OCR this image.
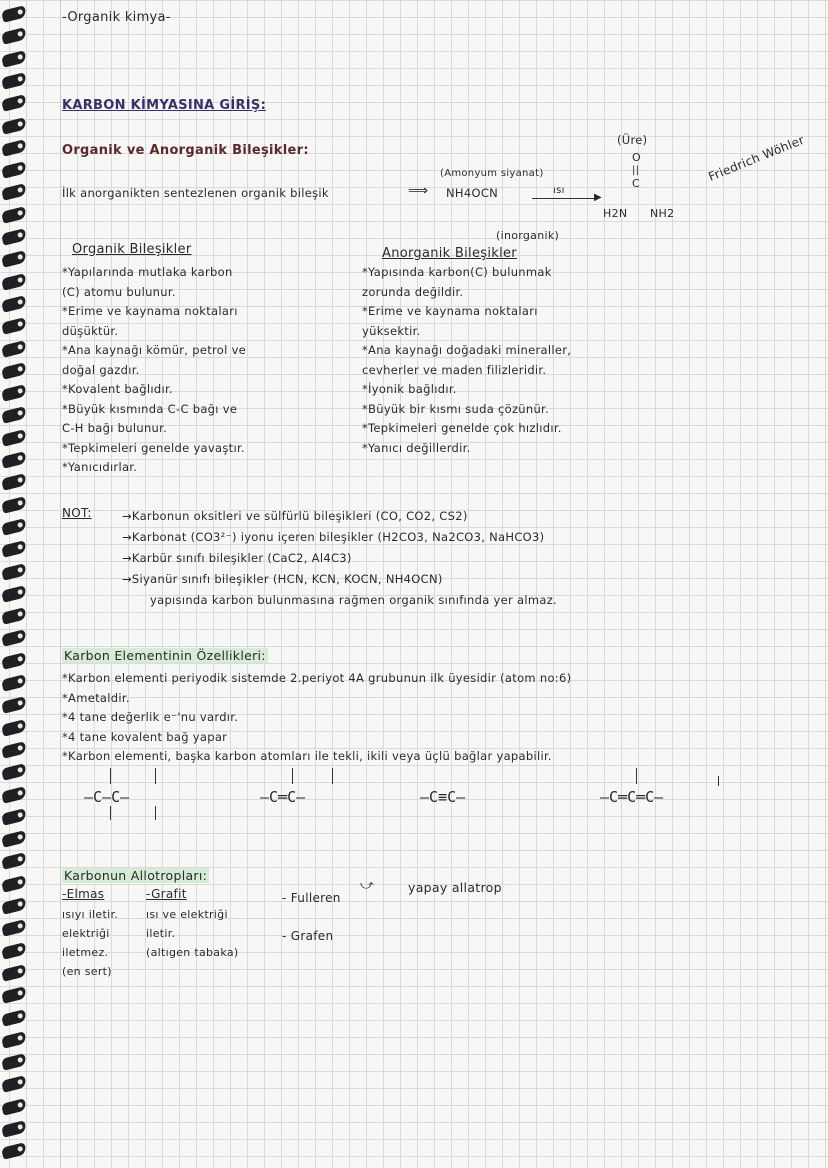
-Organik kimya-
KARBON KİMYASINA GİRİŞ:
Organik ve Anorganik Bileşikler:
İlk anorganikten sentezlenen organik bileşik	⟹
(Amonyum siyanat)
NH4OCN	ısı
▶
(Üre)
O
||
C
H2N NH2
Friedrich Wöhler
Organik Bileşikler
*Yapılarında mutlaka karbon
(C) atomu bulunur.
*Erime ve kaynama noktaları
düşüktür.
*Ana kaynağı kömür, petrol ve
doğal gazdır.
*Kovalent bağlıdır.
*Büyük kısmında C-C bağı ve
C-H bağı bulunur.
*Tepkimeleri genelde yavaştır.
*Yanıcıdırlar.
(inorganik)
Anorganik Bileşikler
*Yapısında karbon(C) bulunmak
zorunda değildir.
*Erime ve kaynama noktaları
yüksektir.
*Ana kaynağı doğadaki mineraller,
cevherler ve maden filizleridir.
*İyonik bağlıdır.
*Büyük bir kısmı suda çözünür.
*Tepkimeleri genelde çok hızlıdır.
*Yanıcı değillerdir.
NOT:	→Karbonun oksitleri ve sülfürlü bileşikleri (CO, CO2, CS2)
→Karbonat (CO3²⁻) iyonu içeren bileşikler (H2CO3, Na2CO3, NaHCO3)
→Karbür sınıfı bileşikler (CaC2, Al4C3)
→Siyanür sınıfı bileşikler (HCN, KCN, KOCN, NH4OCN)
yapısında karbon bulunmasına rağmen organik sınıfında yer almaz.
Karbon Elementinin Özellikleri:
*Karbon elementi periyodik sistemde 2.periyot 4A grubunun ilk üyesidir (atom no:6)
*Ametaldir.
*4 tane değerlik e⁻'nu vardır.
*4 tane kovalent bağ yapar
*Karbon elementi, başka karbon atomları ile tekli, ikili veya üçlü bağlar yapabilir.
—C—C—	—C═C—	—C≡C—	—C═C═C—
Karbonun Allotropları:
-Elmas
ısıyı iletir.
elektriği
iletmez.
(en sert)
-Grafit
ısı ve elektriği
iletir.
(altıgen tabaka)
- Fulleren
⤻	yapay allatrop
- Grafen
